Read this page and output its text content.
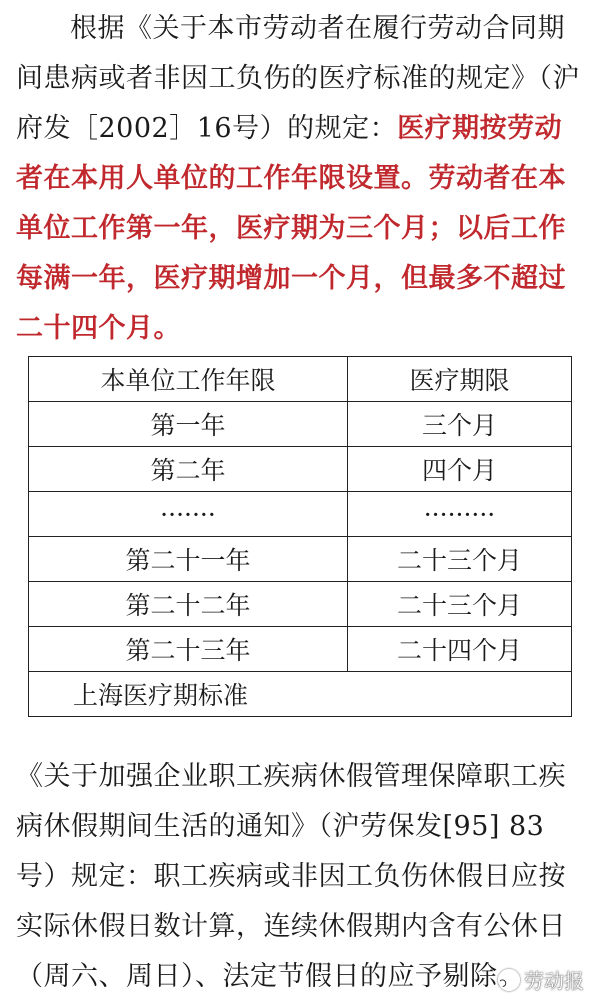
根据《关于本市劳动者在履行劳动合同期间患病或者非因工负伤的医疗标准的规定》（沪府发［2002］16号）的规定：医疗期按劳动者在本用人单位的工作年限设置。劳动者在本单位工作第一年，医疗期为三个月；以后工作每满一年，医疗期增加一个月，但最多不超过二十四个月。
本单位工作年限	医疗期限
第一年	三个月
第二年	四个月
·······	·········
第二十一年	二十三个月
第二十二年	二十三个月
第二十三年	二十四个月
上海医疗期标准	
《关于加强企业职工疾病休假管理保障职工疾病休假期间生活的通知》（沪劳保发[95] 83号）规定：职工疾病或非因工负伤休假日应按实际休假日数计算，连续休假期内含有公休日（周六、周日）、法定节假日的应予剔除。 劳动报
